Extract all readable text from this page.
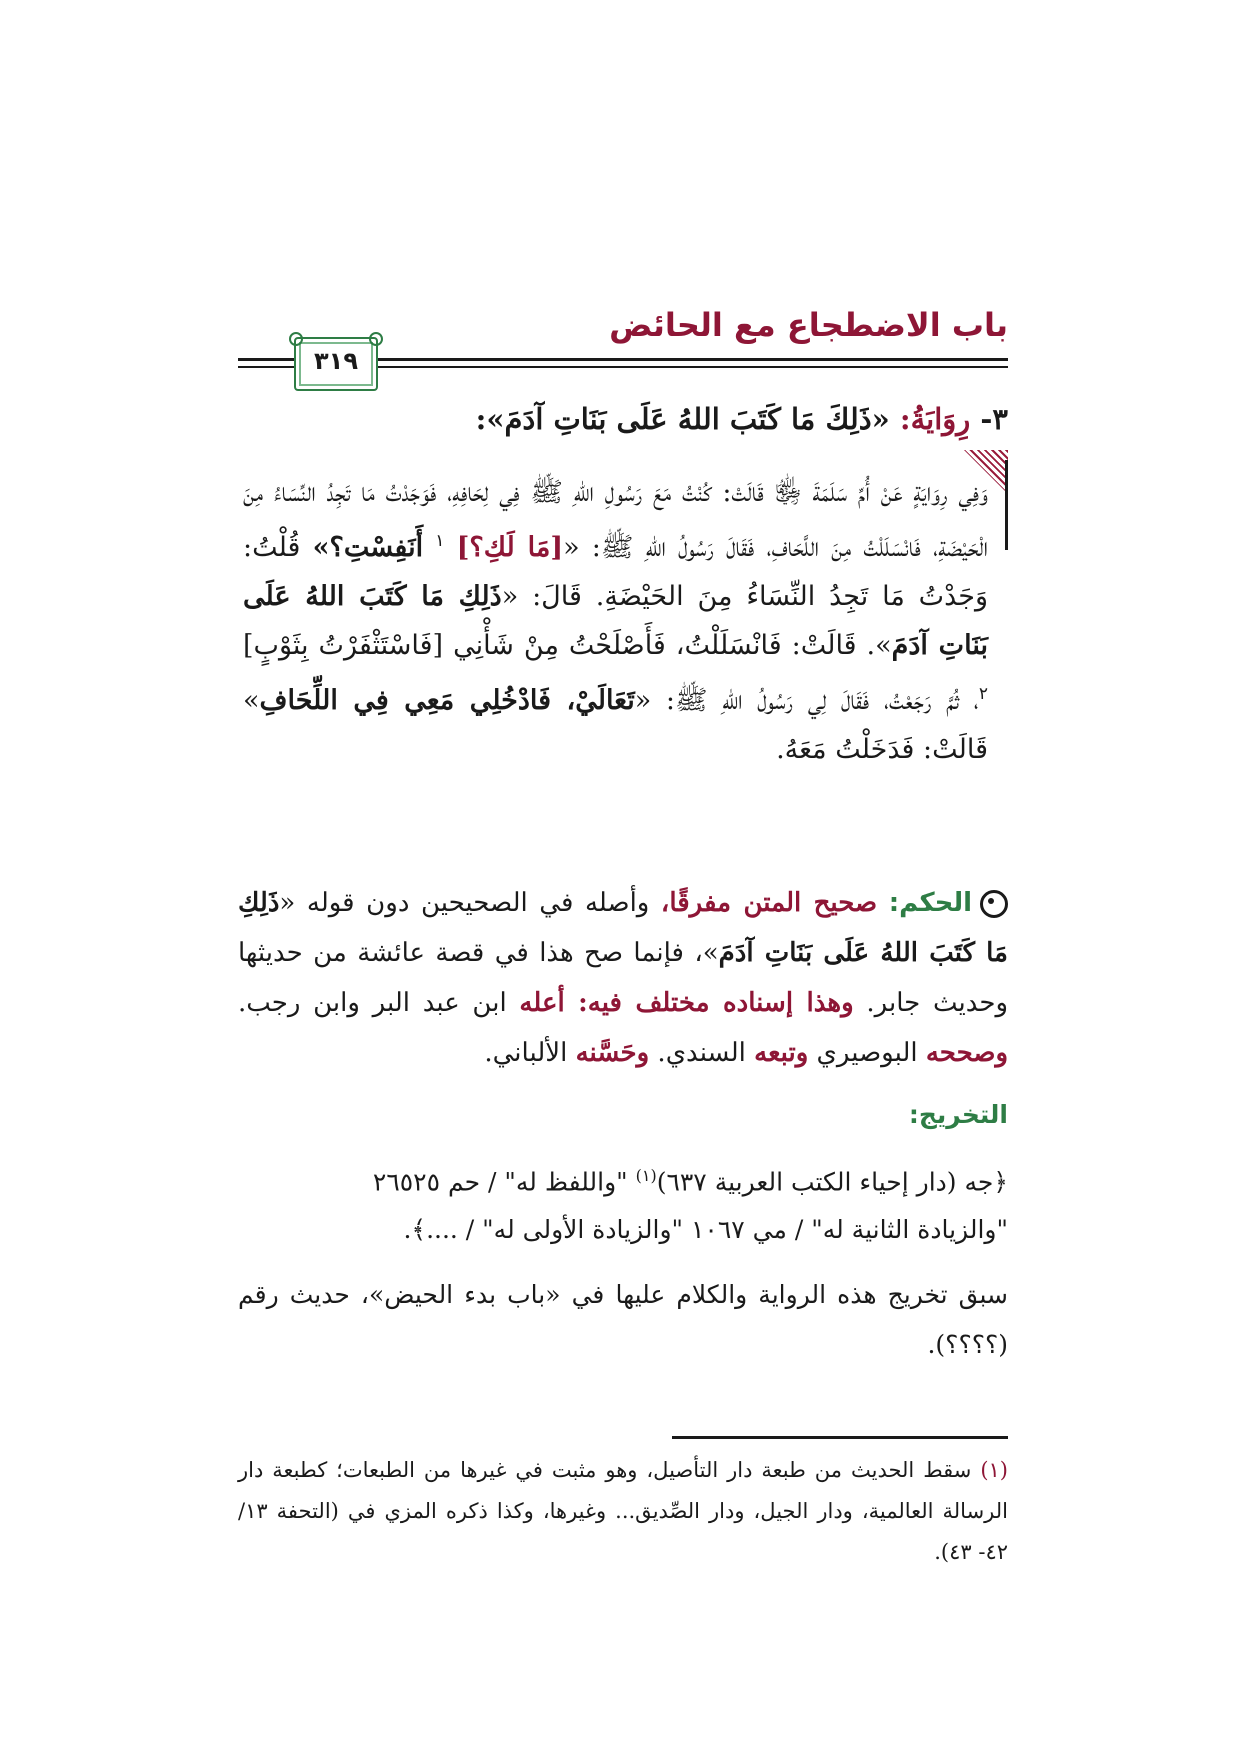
باب الاضطجاع مع الحائض
٣١٩
٣- رِوَايَةُ: «ذَلِكَ مَا كَتَبَ اللهُ عَلَى بَنَاتِ آدَمَ»:
وَفِي رِوَايَةٍ عَنْ أُمِّ سَلَمَةَ ﵂ قَالَتْ: كُنْتُ مَعَ رَسُولِ اللهِ ﷺ فِي لِحَافِهِ، فَوَجَدْتُ مَا تَجِدُ النِّسَاءُ مِنَ الْحَيْضَةِ، فَانْسَلَلْتُ مِنَ اللَّحَافِ، فَقَالَ رَسُولُ اللهِ ﷺ: «[مَا لَكِ؟] $^١$ أَنَفِسْتِ؟» قُلْتُ: وَجَدْتُ مَا تَجِدُ النِّسَاءُ مِنَ الحَيْضَةِ. قَالَ: «ذَلِكِ مَا كَتَبَ اللهُ عَلَى بَنَاتِ آدَمَ». قَالَتْ: فَانْسَلَلْتُ، فَأَصْلَحْتُ مِنْ شَأْنِي [فَاسْتَثْفَرْتُ بِثَوْبٍ] $^٢$، ثُمَّ رَجَعْتُ، فَقَالَ لِي رَسُولُ اللهِ ﷺ: «تَعَالَيْ، فَادْخُلِي مَعِي فِي اللِّحَافِ» قَالَتْ: فَدَخَلْتُ مَعَهُ.
الحكم: صحيح المتن مفرقًا، وأصله في الصحيحين دون قوله «ذَلِكِ مَا كَتَبَ اللهُ عَلَى بَنَاتِ آدَمَ»، فإنما صح هذا في قصة عائشة من حديثها وحديث جابر. وهذا إسناده مختلف فيه: أعله ابن عبد البر وابن رجب. وصححه البوصيري وتبعه السندي. وحَسَّنه الألباني.
التخريج:
﴿جه (دار إحياء الكتب العربية ٦٣٧)$^{(١)}$ "واللفظ له" / حم ٢٦٥٢٥
"والزيادة الثانية له" / مي ١٠٦٧ "والزيادة الأولى له" / ....﴾.
سبق تخريج هذه الرواية والكلام عليها في «باب بدء الحيض»، حديث رقم (؟؟؟؟).
(١) سقط الحديث من طبعة دار التأصيل، وهو مثبت في غيرها من الطبعات؛ كطبعة دار الرسالة العالمية، ودار الجيل، ودار الصِّديق... وغيرها، وكذا ذكره المزي في (التحفة ١٣/ ٤٢- ٤٣).
